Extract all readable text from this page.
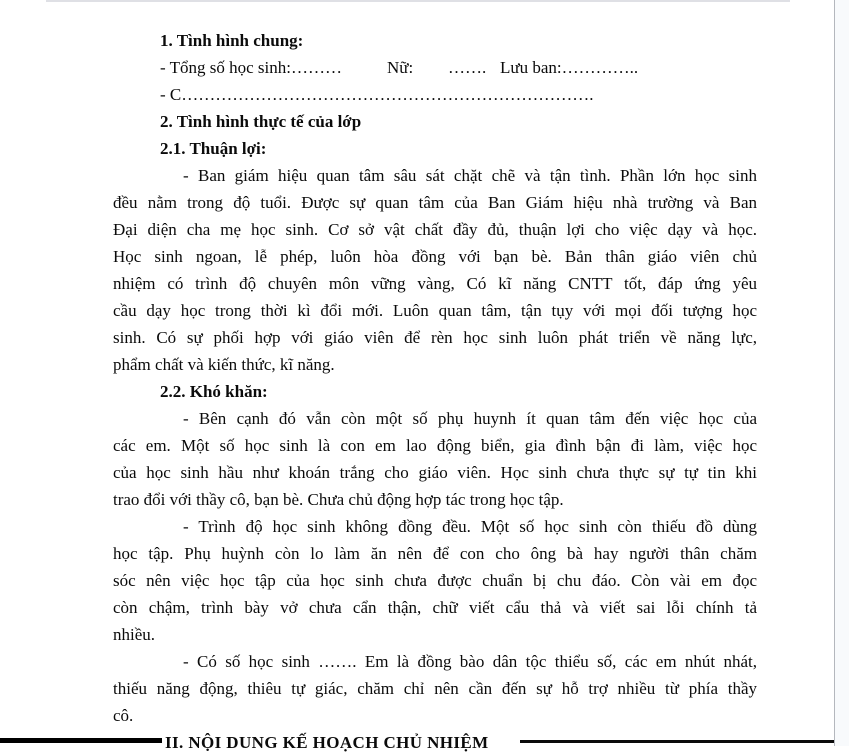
1. Tình hình chung:
- Tổng số học sinh:………	Nữ: ……. Lưu ban:…………..
- C……………………………………………………………….
2. Tình hình thực tế của lớp
2.1. Thuận lợi:
- Ban giám hiệu quan tâm sâu sát chặt chẽ và tận tình. Phần lớn học sinh
đều nằm trong độ tuổi. Được sự quan tâm của Ban Giám hiệu nhà trường và Ban
Đại diện cha mẹ học sinh. Cơ sở vật chất đầy đủ, thuận lợi cho việc dạy và học.
Học sinh ngoan, lễ phép, luôn hòa đồng với bạn bè. Bản thân giáo viên chủ
nhiệm có trình độ chuyên môn vững vàng, Có kĩ năng CNTT tốt, đáp ứng yêu
cầu dạy học trong thời kì đổi mới. Luôn quan tâm, tận tụy với mọi đối tượng học
sinh. Có sự phối hợp với giáo viên để rèn học sinh luôn phát triển về năng lực,
phẩm chất và kiến thức, kĩ năng.
2.2. Khó khăn:
- Bên cạnh đó vẫn còn một số phụ huynh ít quan tâm đến việc học của
các em. Một số học sinh là con em lao động biển, gia đình bận đi làm, việc học
của học sinh hầu như khoán trắng cho giáo viên. Học sinh chưa thực sự tự tin khi
trao đổi với thầy cô, bạn bè. Chưa chủ động hợp tác trong học tập.
- Trình độ học sinh không đồng đều. Một số học sinh còn thiếu đồ dùng
học tập. Phụ huỳnh còn lo làm ăn nên để con cho ông bà hay người thân chăm
sóc nên việc học tập của học sinh chưa được chuẩn bị chu đáo. Còn vài em đọc
còn chậm, trình bày vở chưa cẩn thận, chữ viết cẩu thả và viết sai lỗi chính tả
nhiều.
- Có số học sinh ……. Em là đồng bào dân tộc thiểu số, các em nhút nhát,
thiếu năng động, thiêu tự giác, chăm chỉ nên cần đến sự hỗ trợ nhiều từ phía thầy
cô.
II. NỘI DUNG KẾ HOẠCH CHỦ NHIỆM
